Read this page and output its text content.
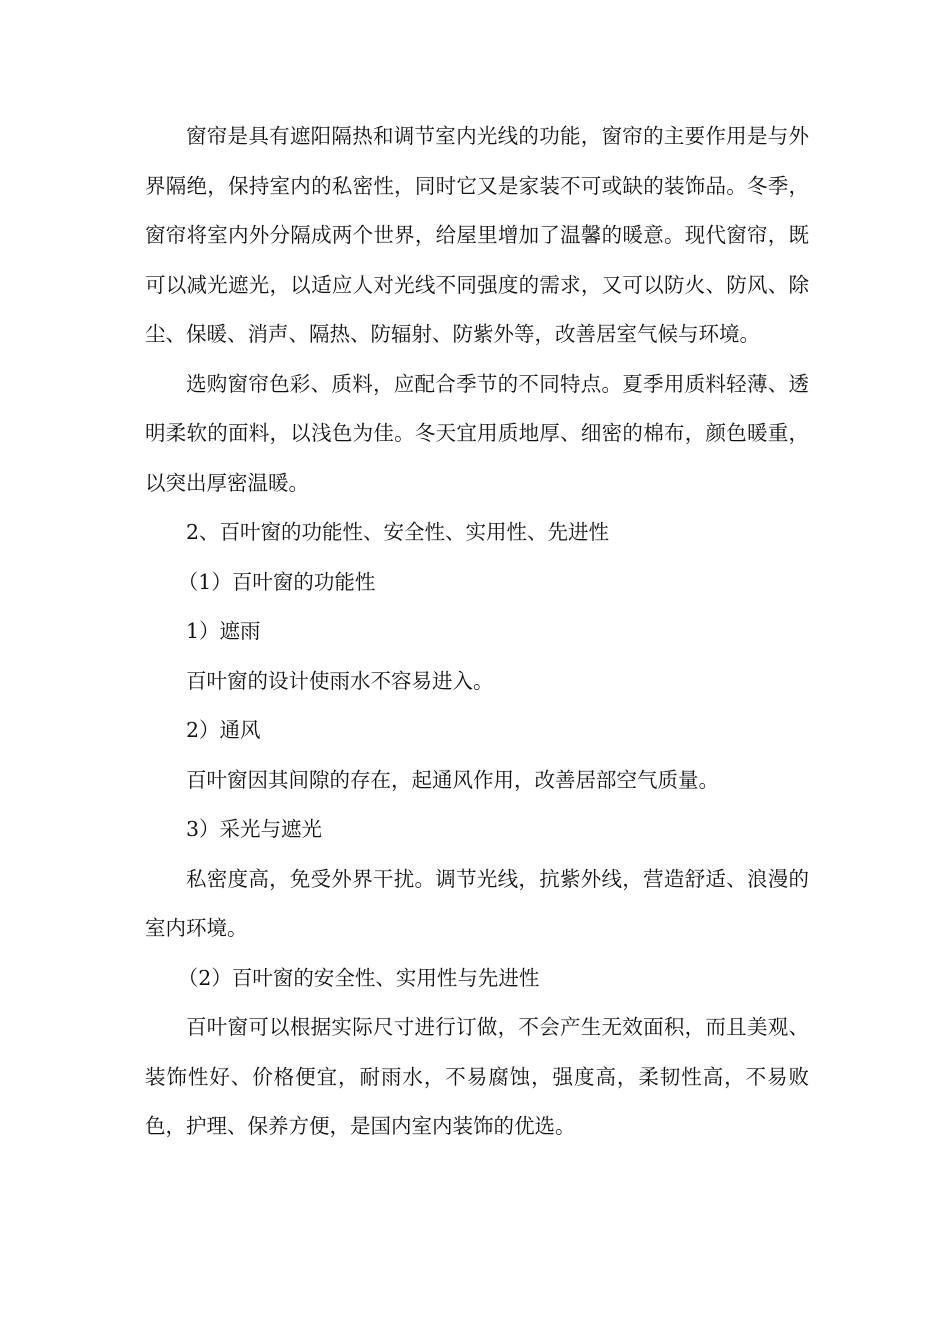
窗帘是具有遮阳隔热和调节室内光线的功能，窗帘的主要作用是与外界隔绝，保持室内的私密性，同时它又是家装不可或缺的装饰品。冬季，窗帘将室内外分隔成两个世界，给屋里增加了温馨的暖意。现代窗帘，既可以减光遮光，以适应人对光线不同强度的需求，又可以防火、防风、除尘、保暖、消声、隔热、防辐射、防紫外等，改善居室气候与环境。

选购窗帘色彩、质料，应配合季节的不同特点。夏季用质料轻薄、透明柔软的面料，以浅色为佳。冬天宜用质地厚、细密的棉布，颜色暖重，以突出厚密温暖。

2、百叶窗的功能性、安全性、实用性、先进性

（1）百叶窗的功能性

1）遮雨

百叶窗的设计使雨水不容易进入。

2）通风

百叶窗因其间隙的存在，起通风作用，改善居部空气质量。

3）采光与遮光

私密度高，免受外界干扰。调节光线，抗紫外线，营造舒适、浪漫的室内环境。

（2）百叶窗的安全性、实用性与先进性

百叶窗可以根据实际尺寸进行订做，不会产生无效面积，而且美观、装饰性好、价格便宜，耐雨水，不易腐蚀，强度高，柔韧性高，不易败色，护理、保养方便，是国内室内装饰的优选。
